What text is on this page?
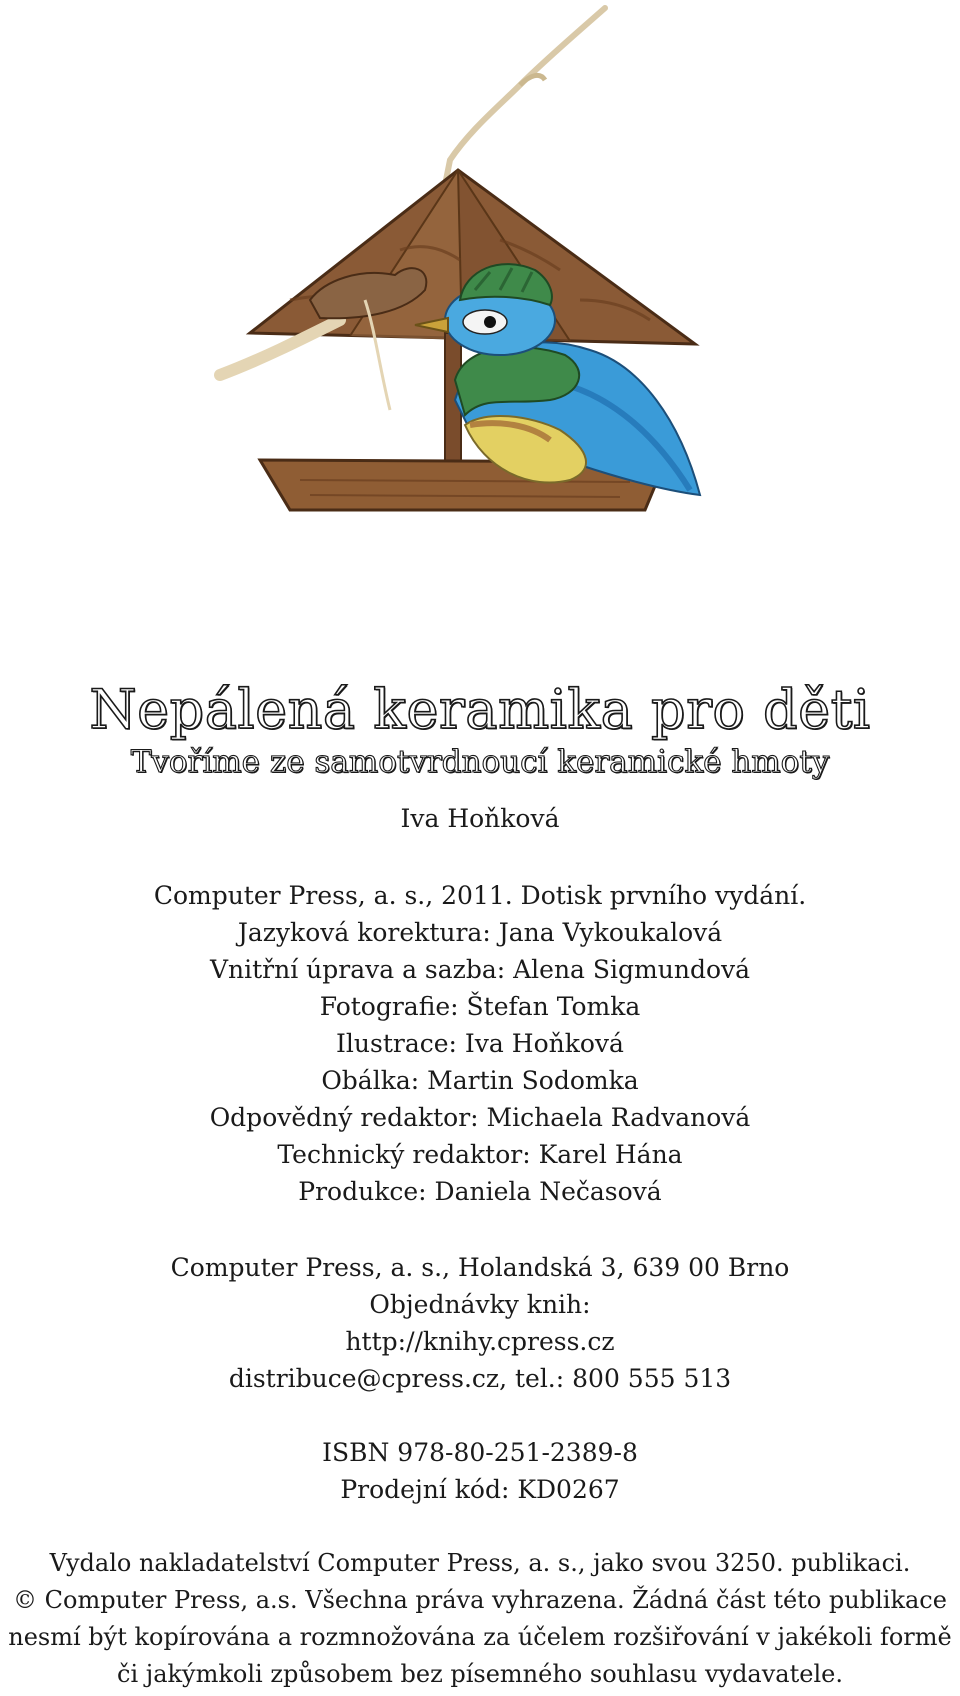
Nepálená keramika pro děti
Tvoříme ze samotvrdnoucí keramické hmoty
Iva Hoňková
Computer Press, a. s., 2011. Dotisk prvního vydání.
Jazyková korektura: Jana Vykoukalová
Vnitřní úprava a sazba: Alena Sigmundová
Fotografie: Štefan Tomka
Ilustrace: Iva Hoňková
Obálka: Martin Sodomka
Odpovědný redaktor: Michaela Radvanová
Technický redaktor: Karel Hána
Produkce: Daniela Nečasová
Computer Press, a. s., Holandská 3, 639 00 Brno
Objednávky knih:
http://knihy.cpress.cz
distribuce@cpress.cz, tel.: 800 555 513
ISBN 978-80-251-2389-8
Prodejní kód: KD0267
Vydalo nakladatelství Computer Press, a. s., jako svou 3250. publikaci.
© Computer Press, a.s. Všechna práva vyhrazena. Žádná část této publikace
nesmí být kopírována a rozmnožována za účelem rozšiřování v jakékoli formě
či jakýmkoli způsobem bez písemného souhlasu vydavatele.
